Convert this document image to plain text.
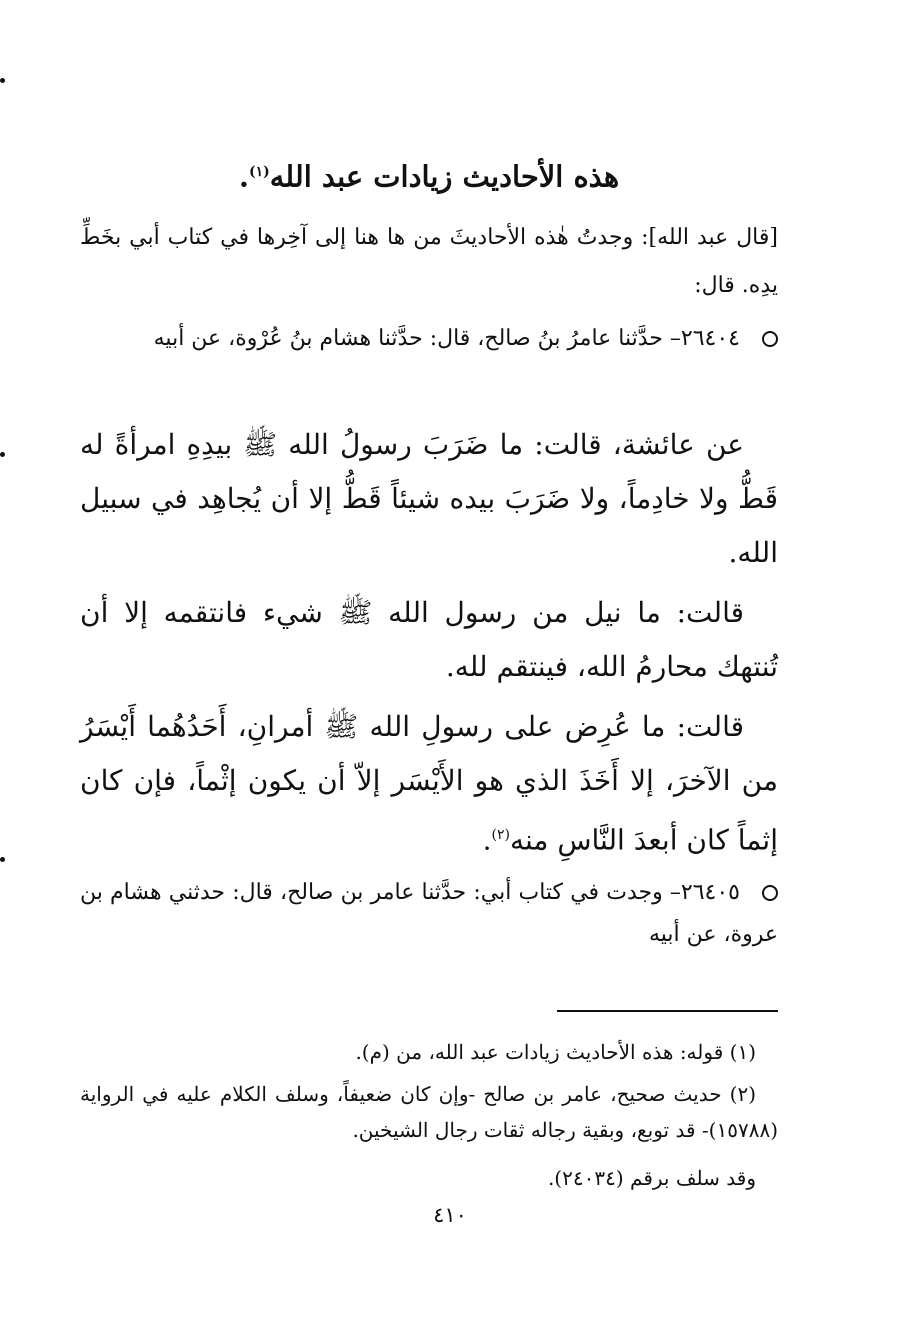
هذه الأحاديث زيادات عبد الله$^{(١)}$.

[قال عبد الله]: وجدتُ هٰذه الأحاديثَ من ها هنا إلى آخِرها في كتاب أبي بخَطِّ يدِه. قال:

٢٦٤٠٤– حدَّثنا عامرُ بنُ صالح، قال: حدَّثنا هشام بنُ عُرْوة، عن أبيه

عن عائشة، قالت: ما ضَرَبَ رسولُ الله ﷺ بيدِهِ امرأةً له قَطُّ ولا خادِماً، ولا ضَرَبَ بيده شيئاً قَطُّ إلا أن يُجاهِد في سبيل الله.

قالت: ما نيل من رسول الله ﷺ شيء فانتقمه إلا أن تُنتهك محارمُ الله، فينتقم لله.

قالت: ما عُرِض على رسولِ الله ﷺ أمرانِ، أَحَدُهُما أَيْسَرُ من الآخرَ، إلا أَخَذَ الذي هو الأَيْسَر إلاّ أن يكون إثْماً، فإن كان إثماً كان أبعدَ النَّاسِ منه$^{(٢)}$.

٢٦٤٠٥– وجدت في كتاب أبي: حدَّثنا عامر بن صالح، قال: حدثني هشام بن عروة، عن أبيه

(١) قوله: هذه الأحاديث زيادات عبد الله، من (م).

(٢) حديث صحيح، عامر بن صالح -وإن كان ضعيفاً، وسلف الكلام عليه في الرواية (١٥٧٨٨)- قد توبع، وبقية رجاله ثقات رجال الشيخين.

وقد سلف برقم (٢٤٠٣٤).

٤١٠
